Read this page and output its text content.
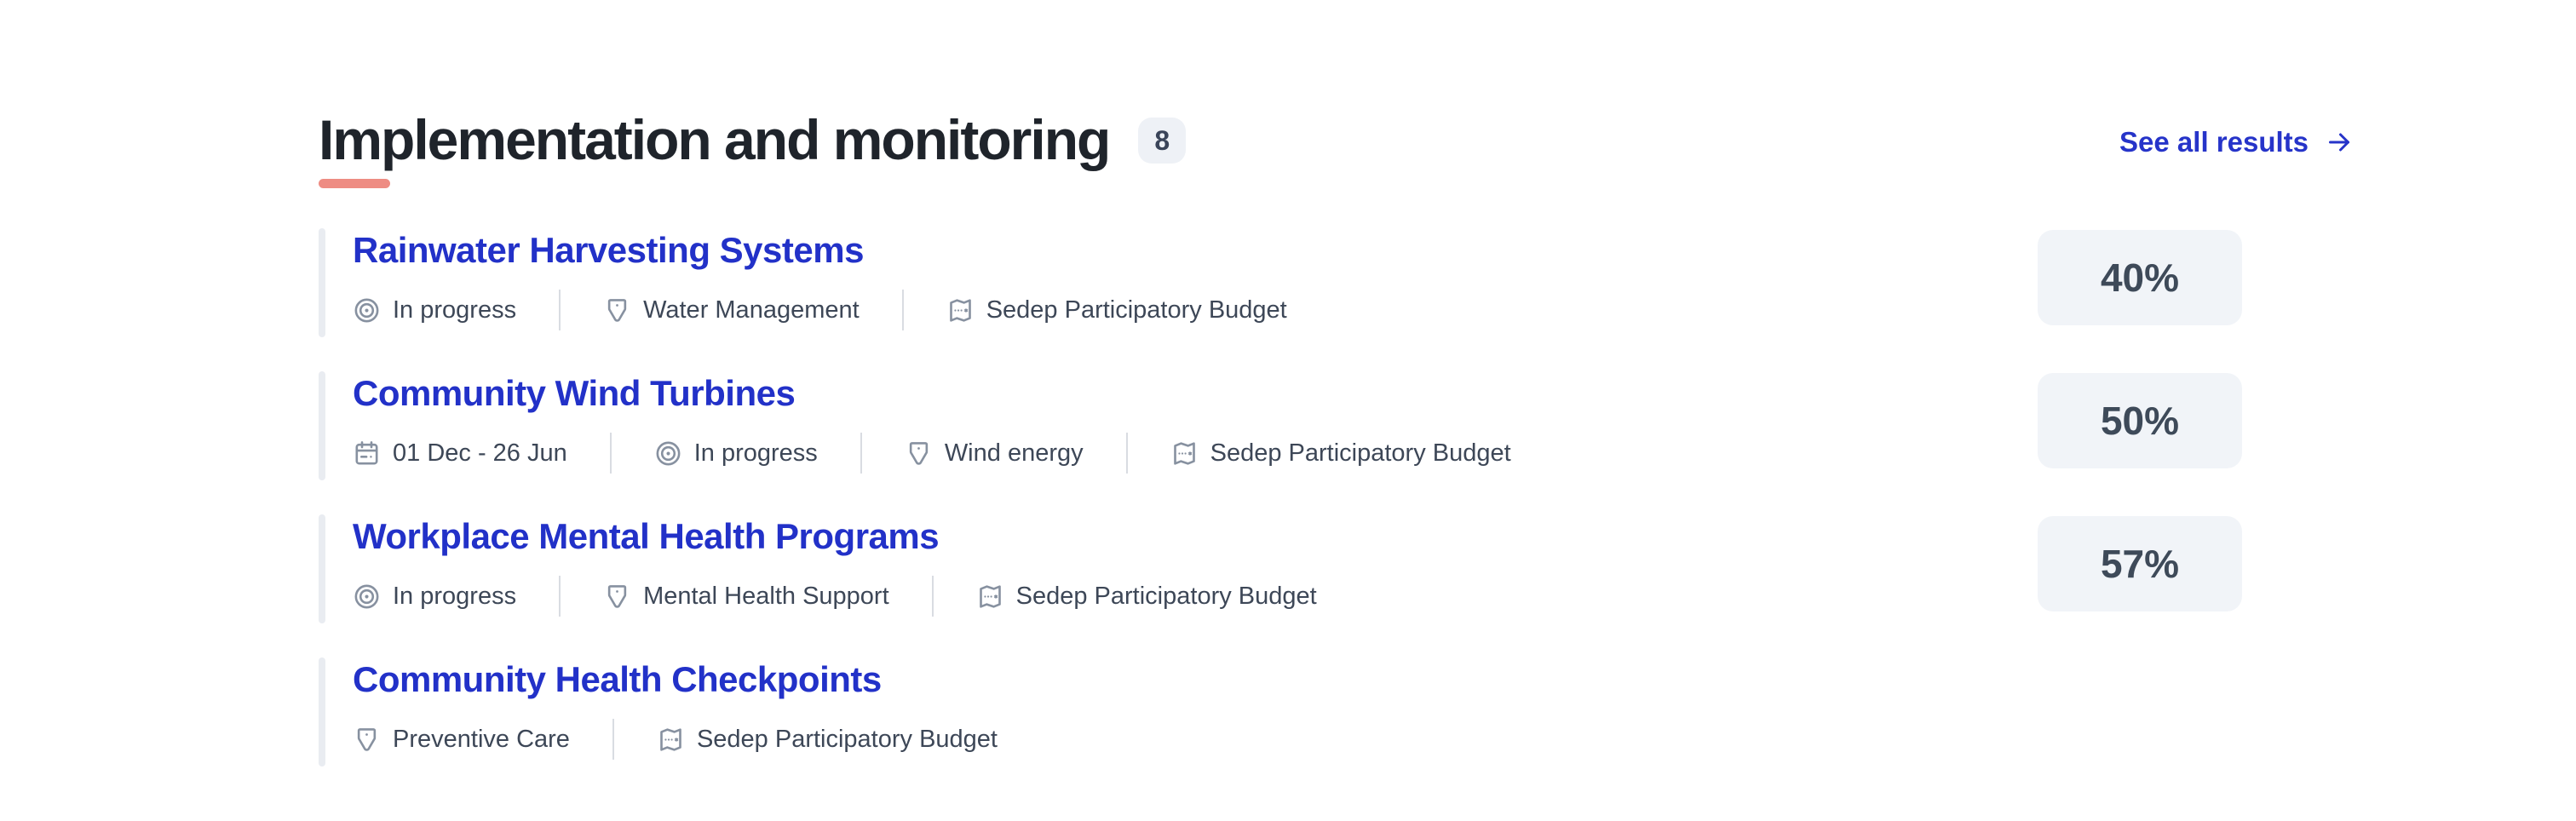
Implementation and monitoring	8	See all results
Rainwater Harvesting Systems
In progress	Water Management	Sedep Participatory Budget
40%
Community Wind Turbines
01 Dec - 26 Jun	In progress	Wind energy	Sedep Participatory Budget
50%
Workplace Mental Health Programs
In progress	Mental Health Support	Sedep Participatory Budget
57%
Community Health Checkpoints
Preventive Care	Sedep Participatory Budget
